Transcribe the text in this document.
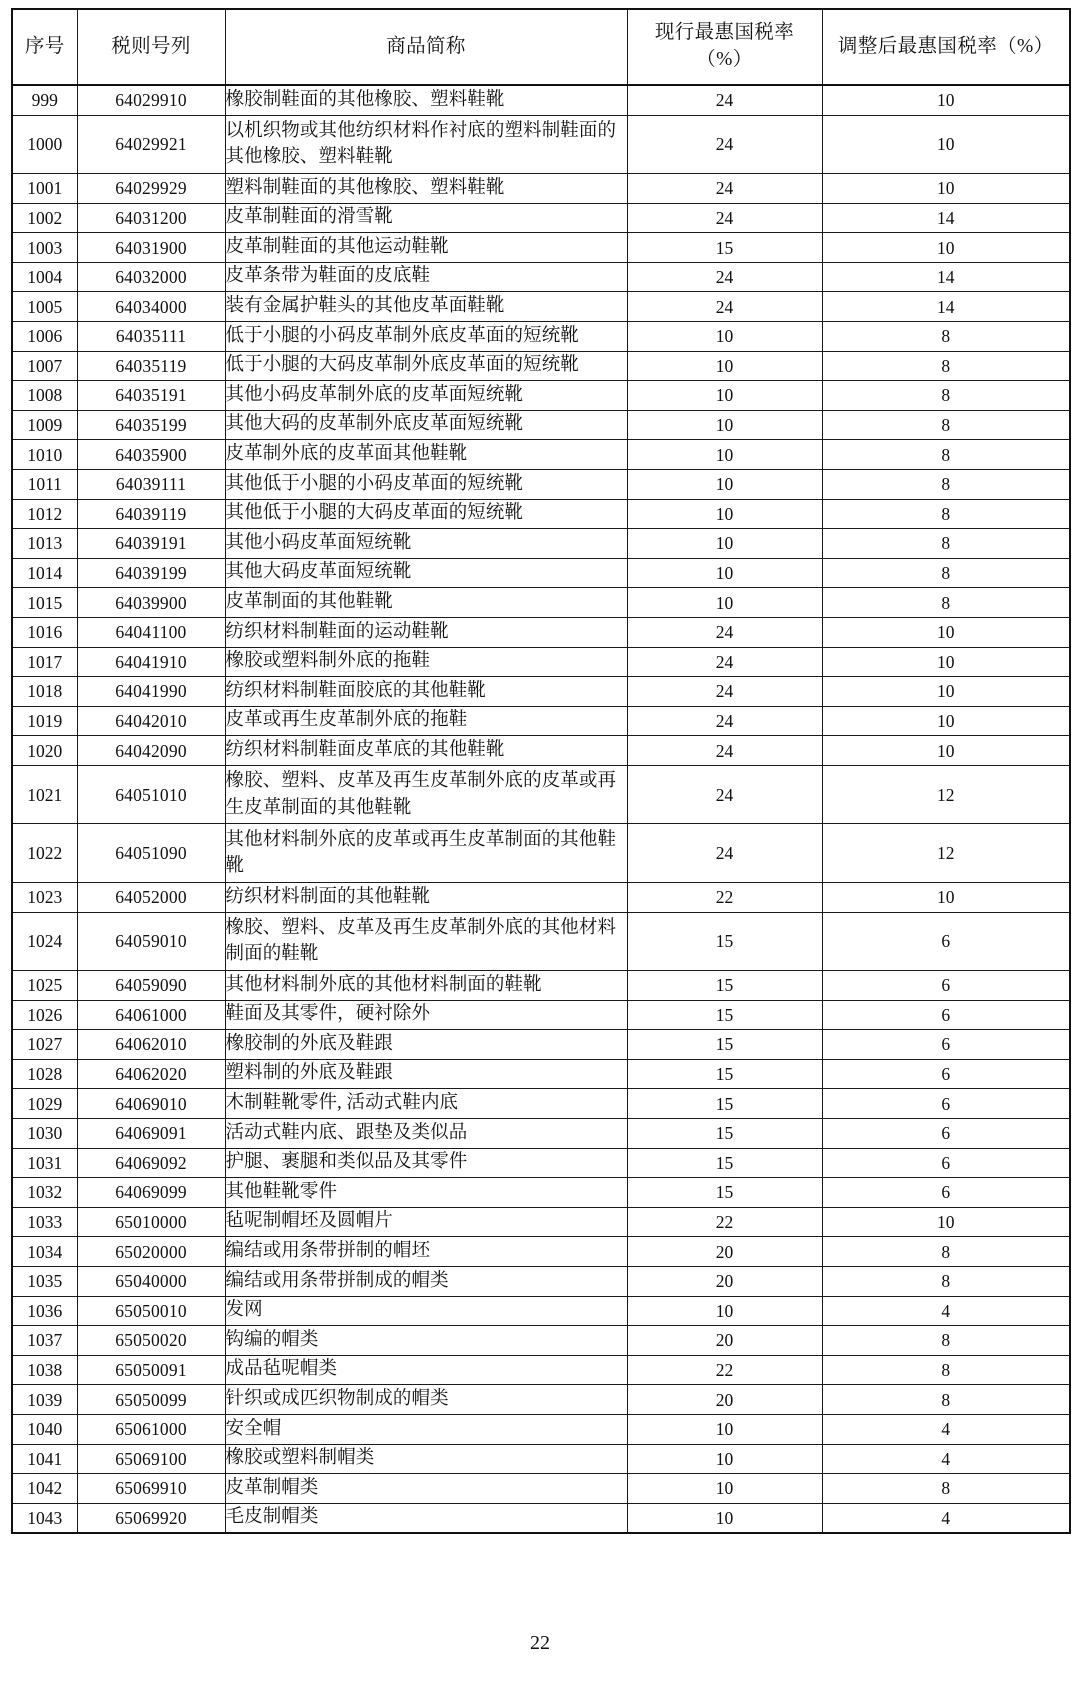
序号	税则号列	商品简称	现行最惠国税率（%）	调整后最惠国税率（%）
999	64029910	橡胶制鞋面的其他橡胶、塑料鞋靴	24	10
1000	64029921	以机织物或其他纺织材料作衬底的塑料制鞋面的其他橡胶、塑料鞋靴	24	10
1001	64029929	塑料制鞋面的其他橡胶、塑料鞋靴	24	10
1002	64031200	皮革制鞋面的滑雪靴	24	14
1003	64031900	皮革制鞋面的其他运动鞋靴	15	10
1004	64032000	皮革条带为鞋面的皮底鞋	24	14
1005	64034000	装有金属护鞋头的其他皮革面鞋靴	24	14
1006	64035111	低于小腿的小码皮革制外底皮革面的短统靴	10	8
1007	64035119	低于小腿的大码皮革制外底皮革面的短统靴	10	8
1008	64035191	其他小码皮革制外底的皮革面短统靴	10	8
1009	64035199	其他大码的皮革制外底皮革面短统靴	10	8
1010	64035900	皮革制外底的皮革面其他鞋靴	10	8
1011	64039111	其他低于小腿的小码皮革面的短统靴	10	8
1012	64039119	其他低于小腿的大码皮革面的短统靴	10	8
1013	64039191	其他小码皮革面短统靴	10	8
1014	64039199	其他大码皮革面短统靴	10	8
1015	64039900	皮革制面的其他鞋靴	10	8
1016	64041100	纺织材料制鞋面的运动鞋靴	24	10
1017	64041910	橡胶或塑料制外底的拖鞋	24	10
1018	64041990	纺织材料制鞋面胶底的其他鞋靴	24	10
1019	64042010	皮革或再生皮革制外底的拖鞋	24	10
1020	64042090	纺织材料制鞋面皮革底的其他鞋靴	24	10
1021	64051010	橡胶、塑料、皮革及再生皮革制外底的皮革或再生皮革制面的其他鞋靴	24	12
1022	64051090	其他材料制外底的皮革或再生皮革制面的其他鞋靴	24	12
1023	64052000	纺织材料制面的其他鞋靴	22	10
1024	64059010	橡胶、塑料、皮革及再生皮革制外底的其他材料制面的鞋靴	15	6
1025	64059090	其他材料制外底的其他材料制面的鞋靴	15	6
1026	64061000	鞋面及其零件，硬衬除外	15	6
1027	64062010	橡胶制的外底及鞋跟	15	6
1028	64062020	塑料制的外底及鞋跟	15	6
1029	64069010	木制鞋靴零件, 活动式鞋内底	15	6
1030	64069091	活动式鞋内底、跟垫及类似品	15	6
1031	64069092	护腿、裹腿和类似品及其零件	15	6
1032	64069099	其他鞋靴零件	15	6
1033	65010000	毡呢制帽坯及圆帽片	22	10
1034	65020000	编结或用条带拼制的帽坯	20	8
1035	65040000	编结或用条带拼制成的帽类	20	8
1036	65050010	发网	10	4
1037	65050020	钩编的帽类	20	8
1038	65050091	成品毡呢帽类	22	8
1039	65050099	针织或成匹织物制成的帽类	20	8
1040	65061000	安全帽	10	4
1041	65069100	橡胶或塑料制帽类	10	4
1042	65069910	皮革制帽类	10	8
1043	65069920	毛皮制帽类	10	4
22
